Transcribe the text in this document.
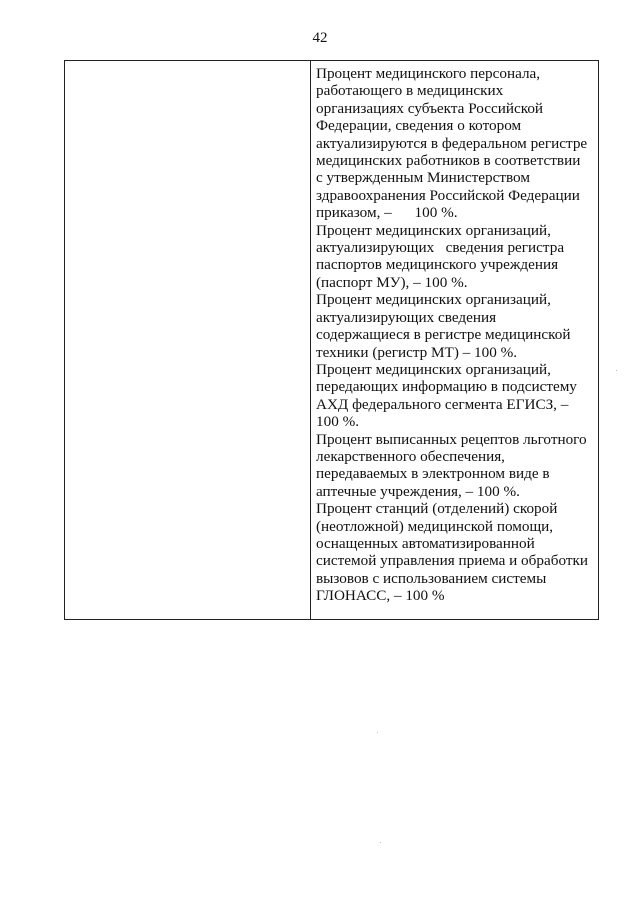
42
Процент медицинского персонала,
работающего в медицинских
организациях субъекта Российской
Федерации, сведения о котором
актуализируются в федеральном регистре
медицинских работников в соответствии
с утвержденным Министерством
здравоохранения Российской Федерации
приказом, –      100 %.
Процент медицинских организаций,
актуализирующих   сведения регистра
паспортов медицинского учреждения
(паспорт МУ), – 100 %.
Процент медицинских организаций,
актуализирующих сведения
содержащиеся в регистре медицинской
техники (регистр МТ) – 100 %.
Процент медицинских организаций,
передающих информацию в подсистему
АХД федерального сегмента ЕГИСЗ, –
100 %.
Процент выписанных рецептов льготного
лекарственного обеспечения,
передаваемых в электронном виде в
аптечные учреждения, – 100 %.
Процент станций (отделений) скорой
(неотложной) медицинской помощи,
оснащенных автоматизированной
системой управления приема и обработки
вызовов с использованием системы
ГЛОНАСС, – 100 %
